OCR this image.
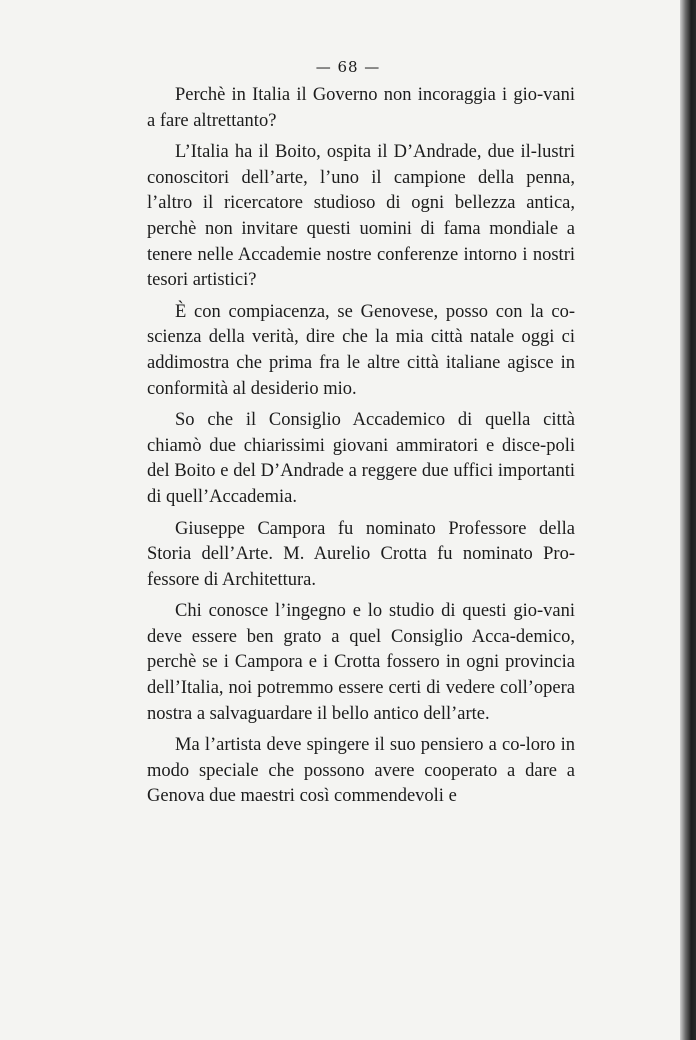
— 68 —

Perchè in Italia il Governo non incoraggia i gio-vani a fare altrettanto?

L’Italia ha il Boito, ospita il D’Andrade, due il-lustri conoscitori dell’arte, l’uno il campione della penna, l’altro il ricercatore studioso di ogni bellezza antica, perchè non invitare questi uomini di fama mondiale a tenere nelle Accademie nostre conferenze intorno i nostri tesori artistici?

È con compiacenza, se Genovese, posso con la co-scienza della verità, dire che la mia città natale oggi ci addimostra che prima fra le altre città italiane agisce in conformità al desiderio mio.

So che il Consiglio Accademico di quella città chiamò due chiarissimi giovani ammiratori e disce-poli del Boito e del D’Andrade a reggere due uffici importanti di quell’Accademia.

Giuseppe Campora fu nominato Professore della Storia dell’Arte. M. Aurelio Crotta fu nominato Pro-fessore di Architettura.

Chi conosce l’ingegno e lo studio di questi gio-vani deve essere ben grato a quel Consiglio Acca-demico, perchè se i Campora e i Crotta fossero in ogni provincia dell’Italia, noi potremmo essere certi di vedere coll’opera nostra a salvaguardare il bello antico dell’arte.

Ma l’artista deve spingere il suo pensiero a co-loro in modo speciale che possono avere cooperato a dare a Genova due maestri così commendevoli e
